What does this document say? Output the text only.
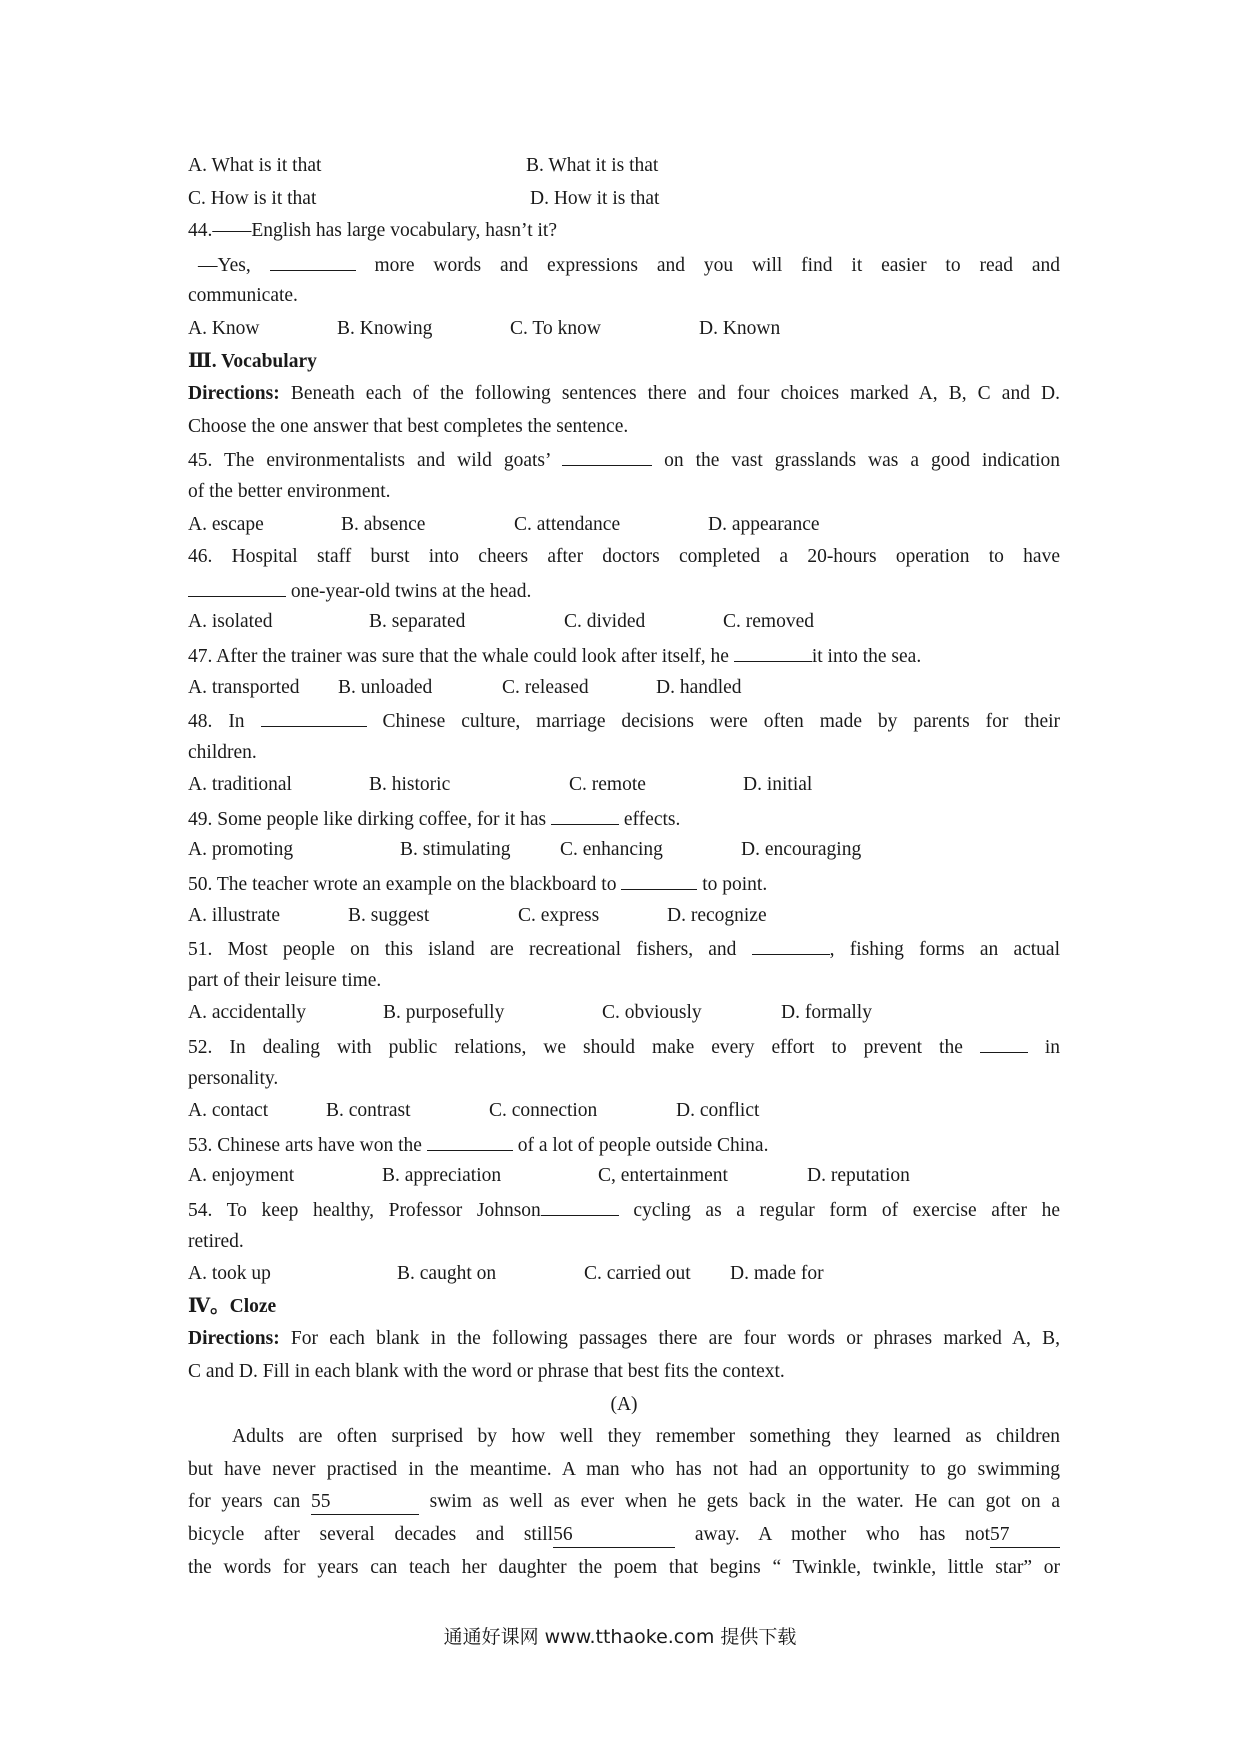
A. What is it that	B. What it is that
C. How is it that	D. How it is that
44.——English has large vocabulary, hasn’t it?
—Yes,	more words and expressions and you will find it easier to read and
communicate.
A. Know	B. Knowing	C. To know	D. Known
Ⅲ. Vocabulary
Directions: Beneath each of the following sentences there and four choices marked A, B, C and D.
Choose the one answer that best completes the sentence.
45. The environmentalists and wild goats’	on the vast grasslands was a good indication
of the better environment.
A. escape	B. absence	C. attendance	D. appearance
46. Hospital staff burst into cheers after doctors completed a 20-hours operation to have
one-year-old twins at the head.
A. isolated	B. separated	C. divided	C. removed
47. After the trainer was sure that the whale could look after itself, he	it into the sea.
A. transported B. unloaded	C. released	D. handled
48. In	Chinese culture, marriage decisions were often made by parents for their
children.
A. traditional	B. historic	C. remote	D. initial
49. Some people like dirking coffee, for it has	effects.
A. promoting	B. stimulating	C. enhancing	D. encouraging
50. The teacher wrote an example on the blackboard to	to point.
A. illustrate	B. suggest	C. express	D. recognize
51. Most people on this island are recreational fishers, and	, fishing forms an actual
part of their leisure time.
A. accidentally	B. purposefully	C. obviously	D. formally
52. In dealing with public relations, we should make every effort to prevent the	in
personality.
A. contact	B. contrast	C. connection	D. conflict
53. Chinese arts have won the	of a lot of people outside China.
A. enjoyment	B. appreciation	C, entertainment	D. reputation
54. To keep healthy, Professor Johnson	cycling as a regular form of exercise after he
retired.
A. took up	B. caught on	C. carried out D. made for
Ⅳ。Cloze
Directions: For each blank in the following passages there are four words or phrases marked A, B,
C and D. Fill in each blank with the word or phrase that best fits the context.
(A)
Adults are often surprised by how well they remember something they learned as children
but have never practised in the meantime. A man who has not had an opportunity to go swimming
for years can 55	swim as well as ever when he gets back in the water. He can got on a
bicycle after several decades and still56	away. A mother who has not57
the words for years can teach her daughter the poem that begins “ Twinkle, twinkle, little star” or
通通好课网 www.tthaoke.com 提供下载
